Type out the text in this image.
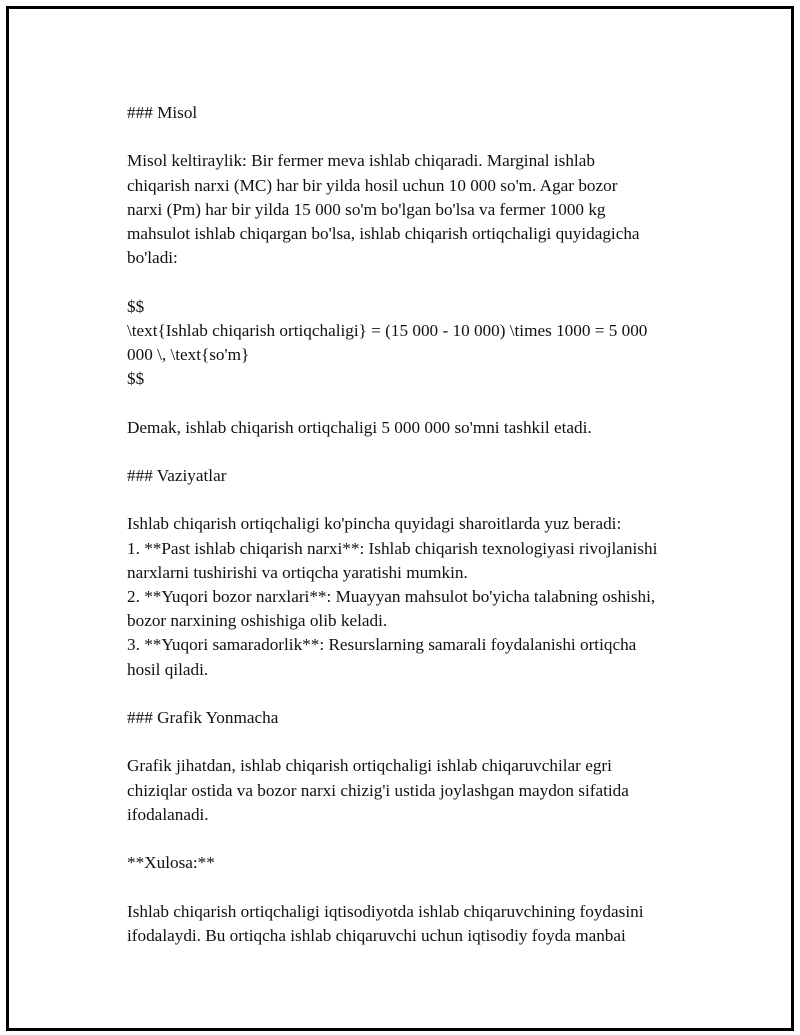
### Misol
Misol keltiraylik: Bir fermer meva ishlab chiqaradi. Marginal ishlab
chiqarish narxi (MC) har bir yilda hosil uchun 10 000 so'm. Agar bozor
narxi (Pm) har bir yilda 15 000 so'm bo'lgan bo'lsa va fermer 1000 kg
mahsulot ishlab chiqargan bo'lsa, ishlab chiqarish ortiqchaligi quyidagicha
bo'ladi:
$$
\text{Ishlab chiqarish ortiqchaligi} = (15 000 - 10 000) \times 1000 = 5 000
000 \, \text{so'm}
$$
Demak, ishlab chiqarish ortiqchaligi 5 000 000 so'mni tashkil etadi.
### Vaziyatlar
Ishlab chiqarish ortiqchaligi ko'pincha quyidagi sharoitlarda yuz beradi:
1. **Past ishlab chiqarish narxi**: Ishlab chiqarish texnologiyasi rivojlanishi
narxlarni tushirishi va ortiqcha yaratishi mumkin.
2. **Yuqori bozor narxlari**: Muayyan mahsulot bo'yicha talabning oshishi,
bozor narxining oshishiga olib keladi.
3. **Yuqori samaradorlik**: Resurslarning samarali foydalanishi ortiqcha
hosil qiladi.
### Grafik Yonmacha
Grafik jihatdan, ishlab chiqarish ortiqchaligi ishlab chiqaruvchilar egri
chiziqlar ostida va bozor narxi chizig'i ustida joylashgan maydon sifatida
ifodalanadi.
**Xulosa:**
Ishlab chiqarish ortiqchaligi iqtisodiyotda ishlab chiqaruvchining foydasini
ifodalaydi. Bu ortiqcha ishlab chiqaruvchi uchun iqtisodiy foyda manbai
